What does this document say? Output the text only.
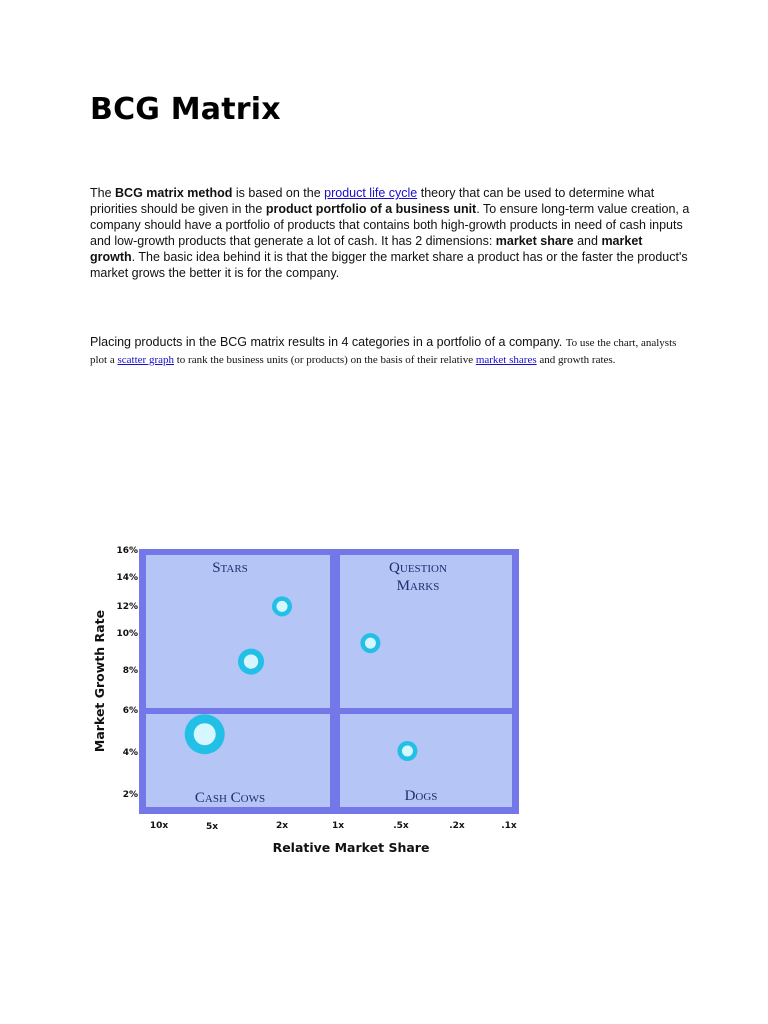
BCG Matrix

The BCG matrix method is based on the product life cycle theory that can be used to determine what priorities should be given in the product portfolio of a business unit. To ensure long-term value creation, a company should have a portfolio of products that contains both high-growth products in need of cash inputs and low-growth products that generate a lot of cash. It has 2 dimensions: market share and market growth. The basic idea behind it is that the bigger the market share a product has or the faster the product's market grows the better it is for the company.

Placing products in the BCG matrix results in 4 categories in a portfolio of a company. To use the chart, analysts plot a scatter graph to rank the business units (or products) on the basis of their relative market shares and growth rates.

Stars	Question
Marks
Cash Cows	Dogs
16%
14%
12%
10%
8%
6%
4%
2%
10x	5x	2x	1x	.5x	.2x	.1x
Relative Market Share
Market Growth Rate
